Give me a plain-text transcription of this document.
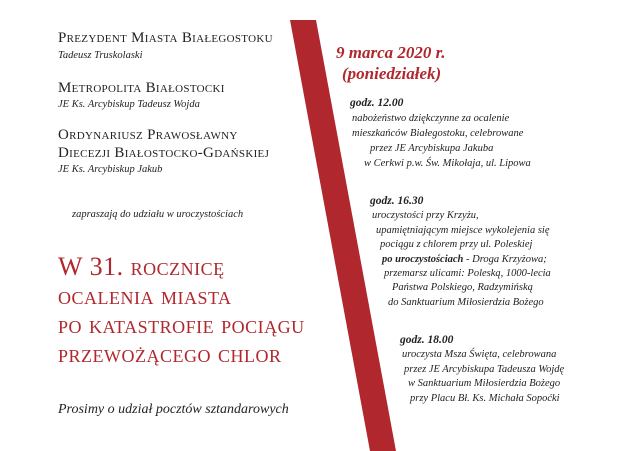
Prezydent Miasta Białegostoku
Tadeusz Truskolaski
Metropolita Białostocki
JE Ks. Arcybiskup Tadeusz Wojda
Ordynariusz Prawosławny
Diecezji Białostocko-Gdańskiej
JE Ks. Arcybiskup Jakub
zapraszają do udziału w uroczystościach
W 31. rocznicę
ocalenia miasta
po katastrofie pociągu
przewożącego chlor
Prosimy o udział pocztów sztandarowych
9 marca 2020 r.
(poniedziałek)
godz. 12.00
nabożeństwo dziękczynne za ocalenie
mieszkańców Białegostoku, celebrowane
przez JE Arcybiskupa Jakuba
w Cerkwi p.w. Św. Mikołaja, ul. Lipowa
godz. 16.30
uroczystości przy Krzyżu,
upamiętniającym miejsce wykolejenia się
pociągu z chlorem przy ul. Poleskiej
po uroczystościach - Droga Krzyżowa;
przemarsz ulicami: Poleską, 1000-lecia
Państwa Polskiego, Radzymińską
do Sanktuarium Miłosierdzia Bożego
godz. 18.00
uroczysta Msza Święta, celebrowana
przez JE Arcybiskupa Tadeusza Wojdę
w Sanktuarium Miłosierdzia Bożego
przy Placu Bł. Ks. Michała Sopoćki
